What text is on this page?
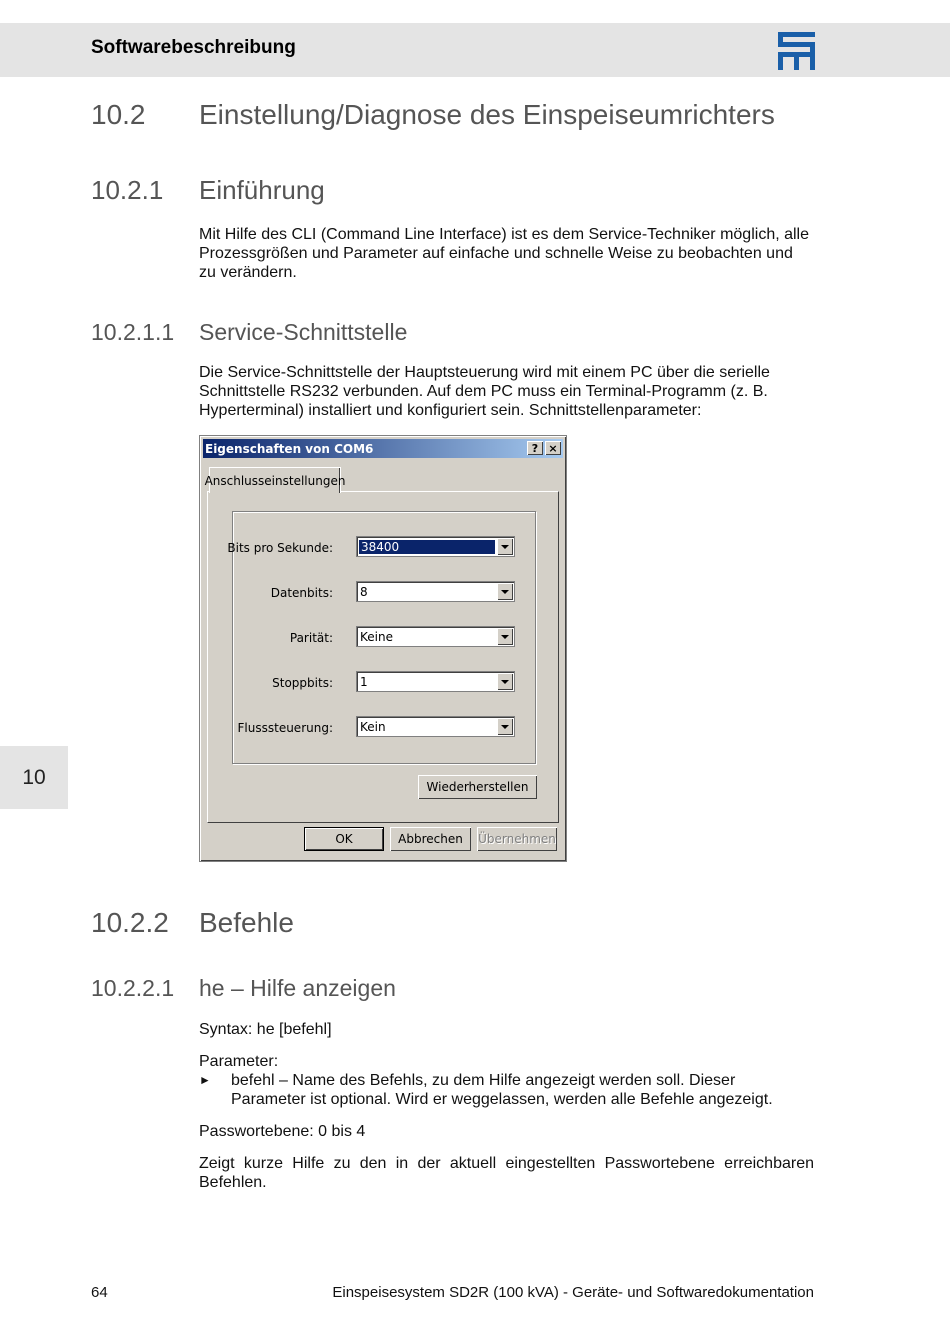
Softwarebeschreibung
10
10.2 Einstellung/Diagnose des Einspeiseumrichters
10.2.1 Einführung
Mit Hilfe des CLI (Command Line Interface) ist es dem Service-Techniker möglich, alle Prozessgrößen und Parameter auf einfache und schnelle Weise zu beobachten und zu verändern.
10.2.1.1 Service-Schnittstelle
Die Service-Schnittstelle der Hauptsteuerung wird mit einem PC über die serielle Schnittstelle RS232 verbunden. Auf dem PC muss ein Terminal-Programm (z. B. Hyperterminal) installiert und konfiguriert sein. Schnittstellenparameter:
Eigenschaften von COM6	? ×
Anschlusseinstellungen
Bits pro Sekunde: 38400
Datenbits: 8
Parität: Keine
Stoppbits: 1
Flusssteuerung: Kein
Wiederherstellen
OK	Abbrechen	Übernehmen
10.2.2 Befehle
10.2.2.1 he – Hilfe anzeigen
Syntax: he [befehl]
Parameter:
► befehl – Name des Befehls, zu dem Hilfe angezeigt werden soll. Dieser Parameter ist optional. Wird er weggelassen, werden alle Befehle angezeigt.
Passwortebene: 0 bis 4
Zeigt kurze Hilfe zu den in der aktuell eingestellten Passwortebene erreichbaren Befehlen.
64	Einspeisesystem SD2R (100 kVA) - Geräte- und Softwaredokumentation
